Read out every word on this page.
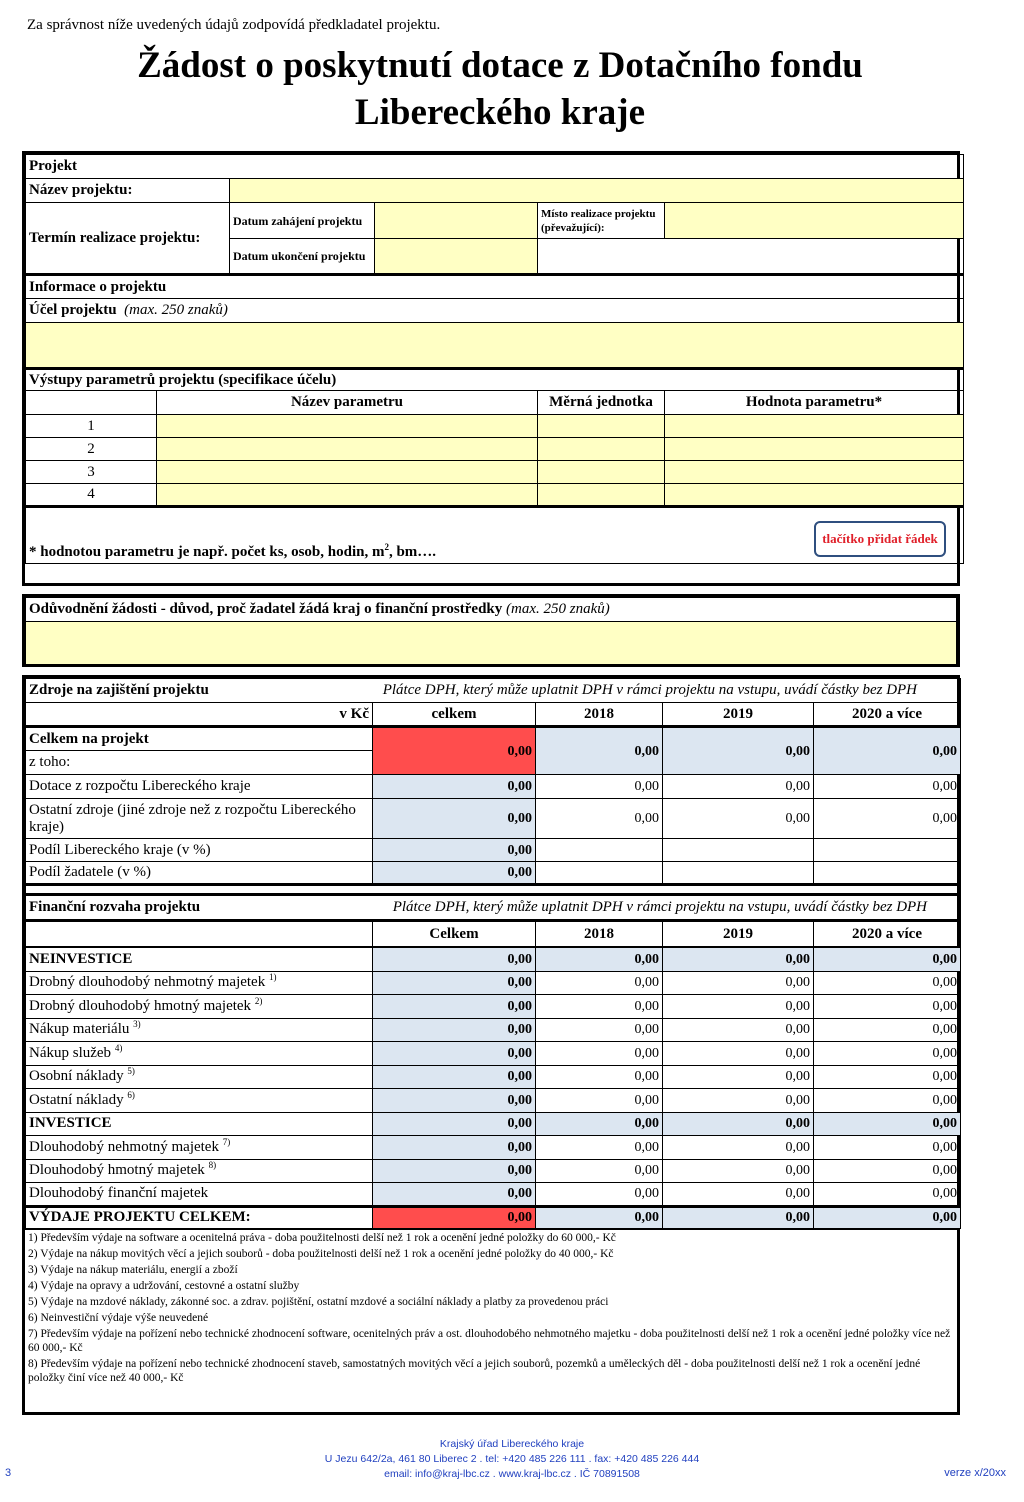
Za správnost níže uvedených údajů zodpovídá předkladatel projektu.
Žádost o poskytnutí dotace z Dotačního fondu
Libereckého kraje
Projekt					
Název projektu:					
Termín realizace projektu:		Datum zahájení projektu		Místo realizace projektu (převažující):	
		Datum ukončení projektu			
Informace o projektu					
Účel projektu (max. 250 znaků)					

Výstupy parametrů projektu (specifikace účelu)					
	Název parametru			Měrná jednotka	Hodnota parametru*
1					
2					
3					
4					
* hodnotou parametru je např. počet ks, osob, hodin, $m^2$, bm….					
tlačítko přidat řádek
Odůvodnění žádosti - důvod, proč žadatel žádá kraj o finanční prostředky (max. 250 znaků)

Zdroje na zajištění projektu Plátce DPH, který může uplatnit DPH v rámci projektu na vstupu, uvádí částky bez DPH				

v Kč	celkem	2018	2019	2020 a více
Celkem na projekt	0,00	0,00	0,00	0,00
z toho:				
Dotace z rozpočtu Libereckého kraje	0,00	0,00	0,00	0,00
Ostatní zdroje (jiné zdroje než z rozpočtu Libereckého kraje)	0,00	0,00	0,00	0,00
Podíl Libereckého kraje (v %)	0,00			
Podíl žadatele (v %)	0,00			

Finanční rozvaha projektu Plátce DPH, který může uplatnit DPH v rámci projektu na vstupu, uvádí částky bez DPH				

	Celkem	2018	2019	2020 a více
NEINVESTICE	0,00	0,00	0,00	0,00
Drobný dlouhodobý nehmotný majetek $^{1)}$	0,00	0,00	0,00	0,00
Drobný dlouhodobý hmotný majetek $^{2)}$	0,00	0,00	0,00	0,00
Nákup materiálu $^{3)}$	0,00	0,00	0,00	0,00
Nákup služeb $^{4)}$	0,00	0,00	0,00	0,00
Osobní náklady $^{5)}$	0,00	0,00	0,00	0,00
Ostatní náklady $^{6)}$	0,00	0,00	0,00	0,00
INVESTICE	0,00	0,00	0,00	0,00
Dlouhodobý nehmotný majetek $^{7)}$	0,00	0,00	0,00	0,00
Dlouhodobý hmotný majetek $^{8)}$	0,00	0,00	0,00	0,00
Dlouhodobý finanční majetek	0,00	0,00	0,00	0,00
VÝDAJE PROJEKTU CELKEM:	0,00	0,00	0,00	0,00
1) Především výdaje na software a ocenitelná práva - doba použitelnosti delší než 1 rok a ocenění jedné položky do 60 000,- Kč
2) Výdaje na nákup movitých věcí a jejich souborů - doba použitelnosti delší než 1 rok a ocenění jedné položky do 40 000,- Kč
3) Výdaje na nákup materiálu, energií a zboží
4) Výdaje na opravy a udržování, cestovné a ostatní služby
5) Výdaje na mzdové náklady, zákonné soc. a zdrav. pojištění, ostatní mzdové a sociální náklady a platby za provedenou práci
6) Neinvestiční výdaje výše neuvedené
7) Především výdaje na pořízení nebo technické zhodnocení software, ocenitelných práv a ost. dlouhodobého nehmotného majetku - doba použitelnosti delší než 1 rok a ocenění jedné položky více než 60 000,- Kč
8) Především výdaje na pořízení nebo technické zhodnocení staveb, samostatných movitých věcí a jejich souborů, pozemků a uměleckých děl - doba použitelnosti delší než 1 rok a ocenění jedné položky činí více než 40 000,- Kč
Krajský úřad Libereckého kraje
U Jezu 642/2a, 461 80 Liberec 2 . tel: +420 485 226 111 . fax: +420 485 226 444
email: info@kraj-lbc.cz . www.kraj-lbc.cz . IČ 70891508
3	verze x/20xx
